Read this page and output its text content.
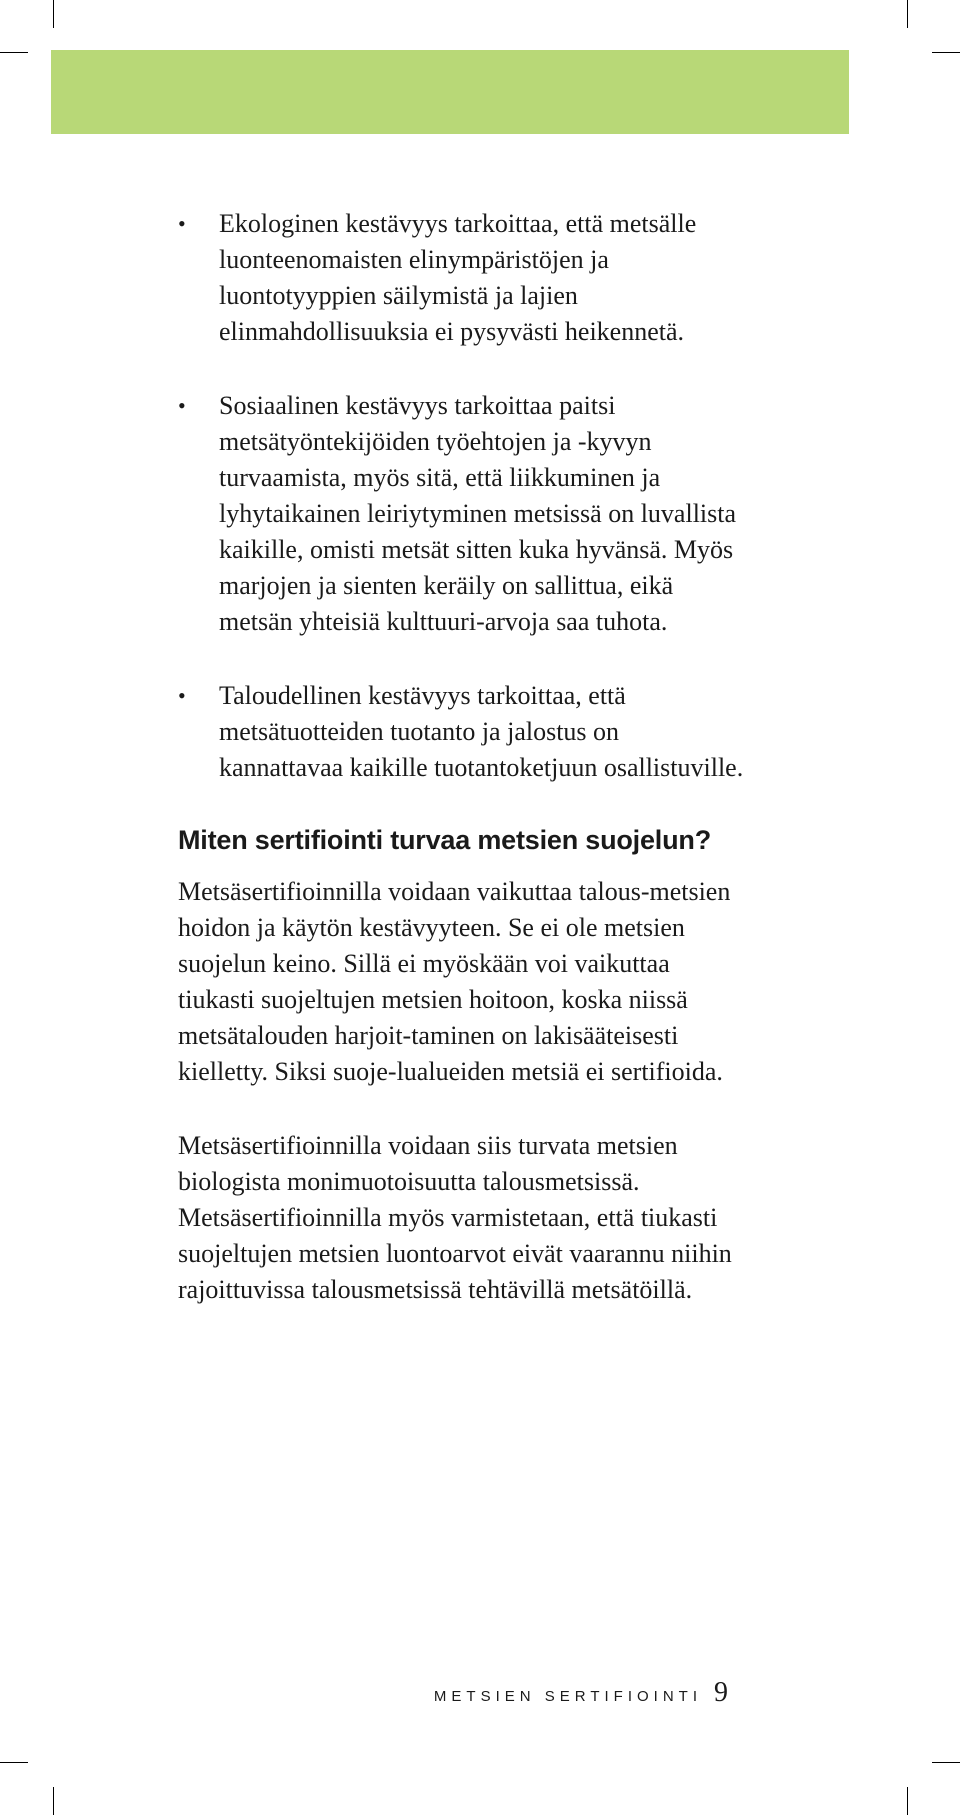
• Ekologinen kestävyys tarkoittaa, että metsälle luonteenomaisten elinympäristöjen ja luontotyyppien säilymistä ja lajien elinmahdollisuuksia ei pysyvästi heikennetä.
• Sosiaalinen kestävyys tarkoittaa paitsi metsätyöntekijöiden työehtojen ja -kyvyn turvaamista, myös sitä, että liikkuminen ja lyhytaikainen leiriytyminen metsissä on luvallista kaikille, omisti metsät sitten kuka hyvänsä. Myös marjojen ja sienten keräily on sallittua, eikä metsän yhteisiä kulttuuri-arvoja saa tuhota.
• Taloudellinen kestävyys tarkoittaa, että metsätuotteiden tuotanto ja jalostus on kannattavaa kaikille tuotantoketjuun osallistuville.
Miten sertifiointi turvaa metsien suojelun?

Metsäsertifioinnilla voidaan vaikuttaa talous-metsien hoidon ja käytön kestävyyteen. Se ei ole metsien suojelun keino. Sillä ei myöskään voi vaikuttaa tiukasti suojeltujen metsien hoitoon, koska niissä metsätalouden harjoit-taminen on lakisääteisesti kielletty. Siksi suoje-lualueiden metsiä ei sertifioida.

Metsäsertifioinnilla voidaan siis turvata metsien biologista monimuotoisuutta talousmetsissä. Metsäsertifioinnilla myös varmistetaan, että tiukasti suojeltujen metsien luontoarvot eivät vaarannu niihin rajoittuvissa talousmetsissä tehtävillä metsätöillä.

METSIEN SERTIFIOINTI 9
